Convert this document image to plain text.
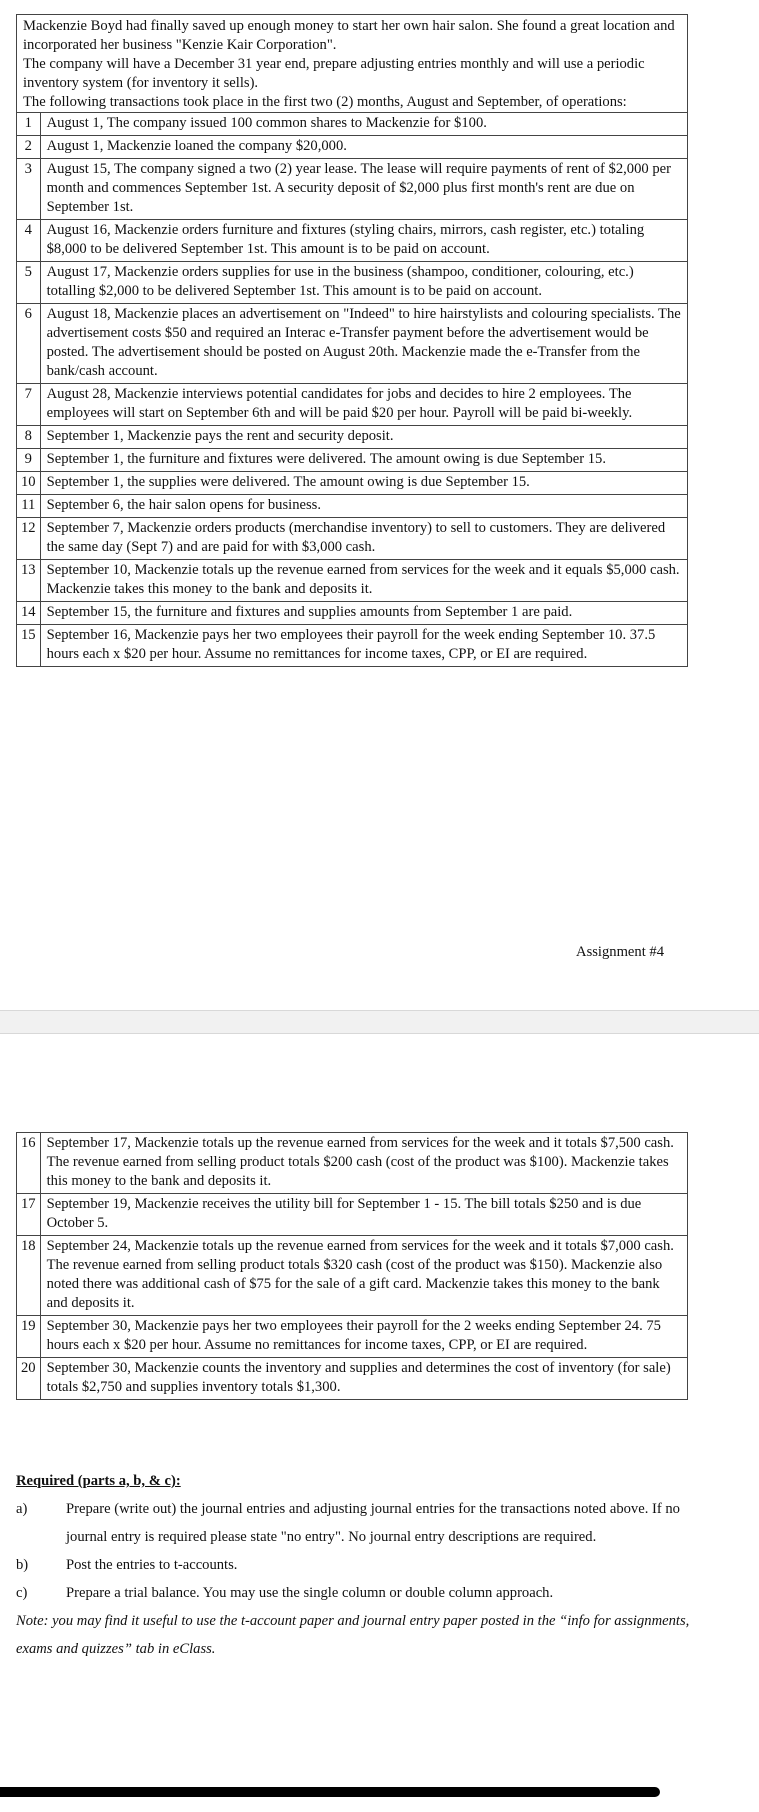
Mackenzie Boyd had finally saved up enough money to start her own hair salon. She found a great location and incorporated her business "Kenzie Kair Corporation".
The company will have a December 31 year end, prepare adjusting entries monthly and will use a periodic inventory system (for inventory it sells).
The following transactions took place in the first two (2) months, August and September, of operations:
1	August 1, The company issued 100 common shares to Mackenzie for $100.
2	August 1, Mackenzie loaned the company $20,000.
3	August 15, The company signed a two (2) year lease. The lease will require payments of rent of $2,000 per month and commences September 1st. A security deposit of $2,000 plus first month's rent are due on September 1st.
4	August 16, Mackenzie orders furniture and fixtures (styling chairs, mirrors, cash register, etc.) totaling $8,000 to be delivered September 1st. This amount is to be paid on account.
5	August 17, Mackenzie orders supplies for use in the business (shampoo, conditioner, colouring, etc.) totalling $2,000 to be delivered September 1st. This amount is to be paid on account.
6	August 18, Mackenzie places an advertisement on "Indeed" to hire hairstylists and colouring specialists. The advertisement costs $50 and required an Interac e-Transfer payment before the advertisement would be posted. The advertisement should be posted on August 20th. Mackenzie made the e-Transfer from the bank/cash account.
7	August 28, Mackenzie interviews potential candidates for jobs and decides to hire 2 employees. The employees will start on September 6th and will be paid $20 per hour. Payroll will be paid bi-weekly.
8	September 1, Mackenzie pays the rent and security deposit.
9	September 1, the furniture and fixtures were delivered. The amount owing is due September 15.
10	September 1, the supplies were delivered. The amount owing is due September 15.
11	September 6, the hair salon opens for business.
12	September 7, Mackenzie orders products (merchandise inventory) to sell to customers. They are delivered the same day (Sept 7) and are paid for with $3,000 cash.
13	September 10, Mackenzie totals up the revenue earned from services for the week and it equals $5,000 cash. Mackenzie takes this money to the bank and deposits it.
14	September 15, the furniture and fixtures and supplies amounts from September 1 are paid.
15	September 16, Mackenzie pays her two employees their payroll for the week ending September 10. 37.5 hours each x $20 per hour. Assume no remittances for income taxes, CPP, or EI are required.
Assignment #4
16	September 17, Mackenzie totals up the revenue earned from services for the week and it totals $7,500 cash. The revenue earned from selling product totals $200 cash (cost of the product was $100). Mackenzie takes this money to the bank and deposits it.
17	September 19, Mackenzie receives the utility bill for September 1 - 15. The bill totals $250 and is due October 5.
18	September 24, Mackenzie totals up the revenue earned from services for the week and it totals $7,000 cash. The revenue earned from selling product totals $320 cash (cost of the product was $150). Mackenzie also noted there was additional cash of $75 for the sale of a gift card. Mackenzie takes this money to the bank and deposits it.
19	September 30, Mackenzie pays her two employees their payroll for the 2 weeks ending September 24. 75 hours each x $20 per hour. Assume no remittances for income taxes, CPP, or EI are required.
20	September 30, Mackenzie counts the inventory and supplies and determines the cost of inventory (for sale) totals $2,750 and supplies inventory totals $1,300.
Required (parts a, b, & c):
a)	Prepare (write out) the journal entries and adjusting journal entries for the transactions noted above. If no journal entry is required please state "no entry". No journal entry descriptions are required.
b)	Post the entries to t-accounts.
c)	Prepare a trial balance. You may use the single column or double column approach.
Note: you may find it useful to use the t-account paper and journal entry paper posted in the “info for assignments, exams and quizzes” tab in eClass.
